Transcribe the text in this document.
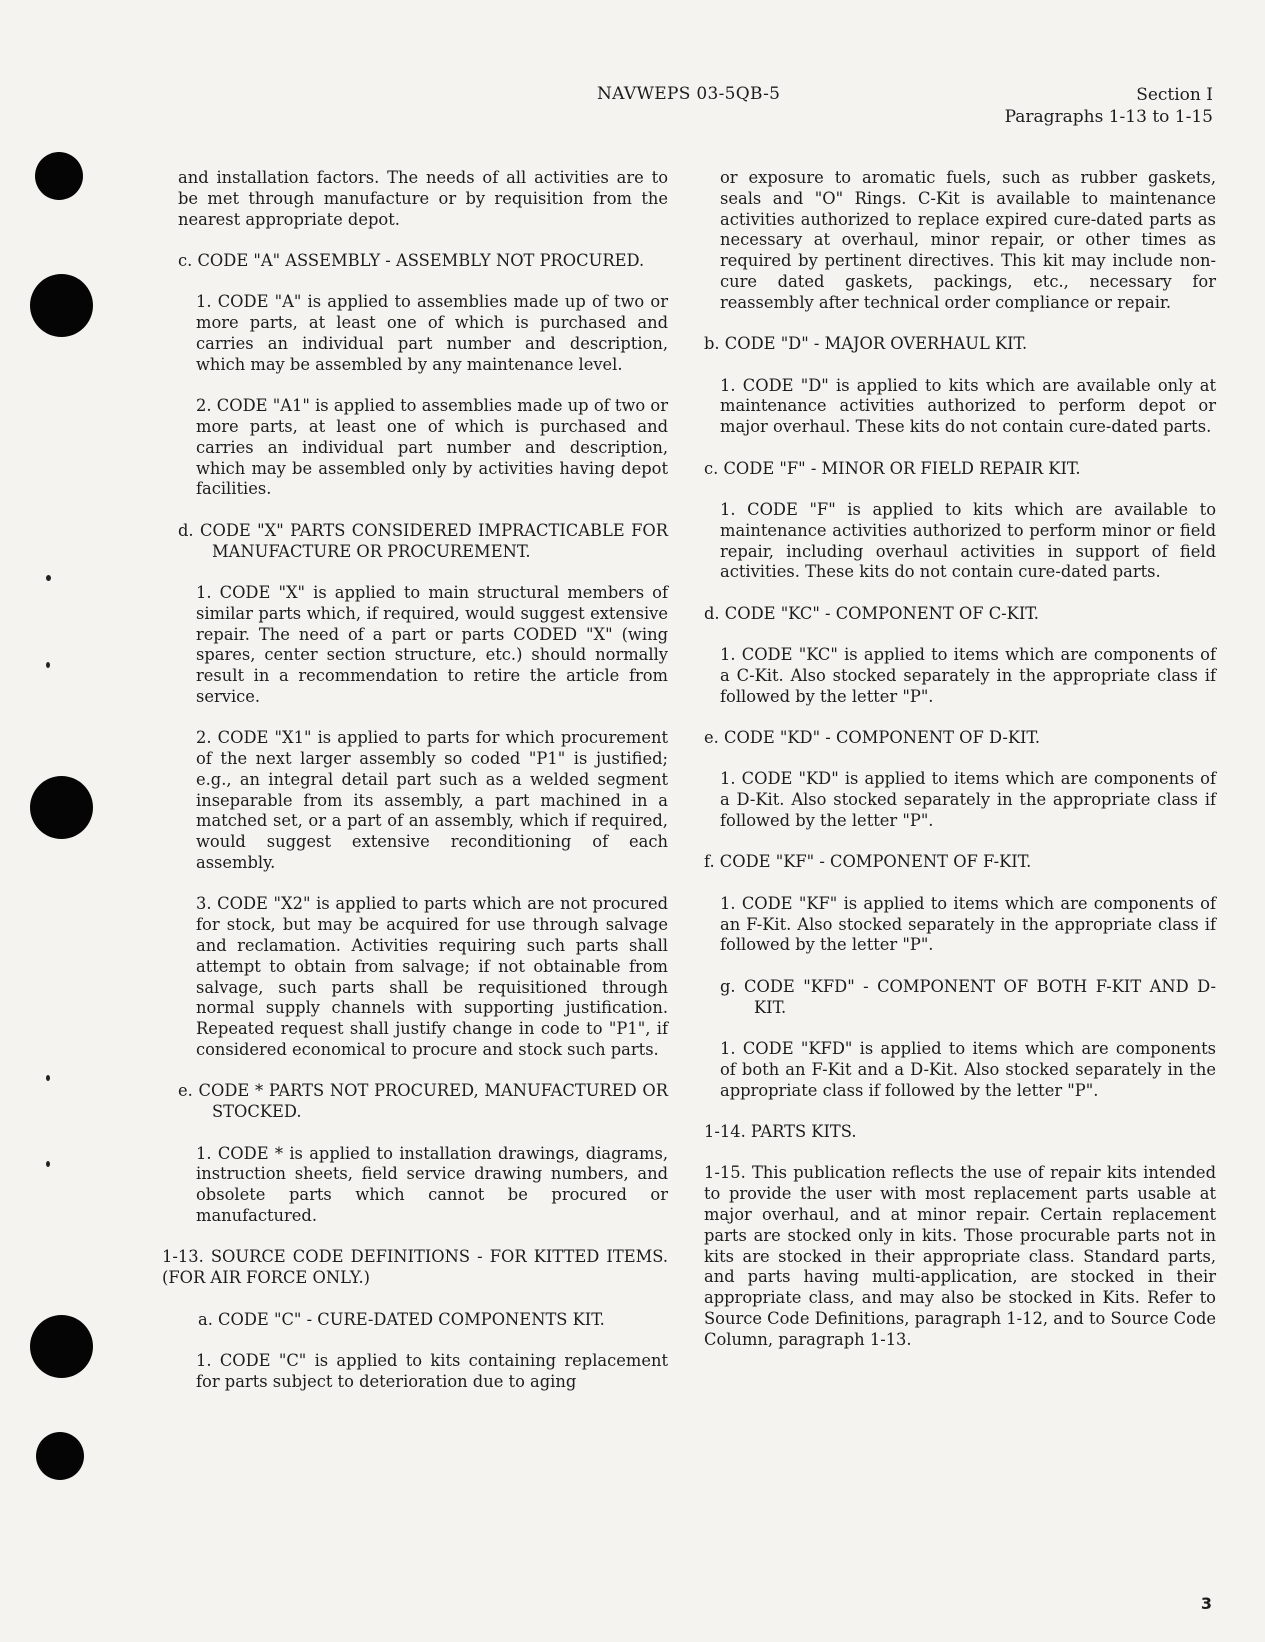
NAVWEPS 03-5QB-5	Section I
Paragraphs 1-13 to 1-15

and installation factors. The needs of all activities are to be met through manufacture or by requisition from the nearest appropriate depot.

c. CODE "A" ASSEMBLY - ASSEMBLY NOT PROCURED.

1. CODE "A" is applied to assemblies made up of two or more parts, at least one of which is purchased and carries an individual part number and description, which may be assembled by any maintenance level.

2. CODE "A1" is applied to assemblies made up of two or more parts, at least one of which is purchased and carries an individual part number and description, which may be assembled only by activities having depot facilities.

d. CODE "X" PARTS CONSIDERED IMPRACTICABLE FOR MANUFACTURE OR PROCUREMENT.

1. CODE "X" is applied to main structural members of similar parts which, if required, would suggest extensive repair. The need of a part or parts CODED "X" (wing spares, center section structure, etc.) should normally result in a recommendation to retire the article from service.

2. CODE "X1" is applied to parts for which procurement of the next larger assembly so coded "P1" is justified; e.g., an integral detail part such as a welded segment inseparable from its assembly, a part machined in a matched set, or a part of an assembly, which if required, would suggest extensive reconditioning of each assembly.

3. CODE "X2" is applied to parts which are not procured for stock, but may be acquired for use through salvage and reclamation. Activities requiring such parts shall attempt to obtain from salvage; if not obtainable from salvage, such parts shall be requisitioned through normal supply channels with supporting justification. Repeated request shall justify change in code to "P1", if considered economical to procure and stock such parts.

e. CODE * PARTS NOT PROCURED, MANUFACTURED OR STOCKED.

1. CODE * is applied to installation drawings, diagrams, instruction sheets, field service drawing numbers, and obsolete parts which cannot be procured or manufactured.

1-13. SOURCE CODE DEFINITIONS - FOR KITTED ITEMS. (FOR AIR FORCE ONLY.)

a. CODE "C" - CURE-DATED COMPONENTS KIT.

1. CODE "C" is applied to kits containing replacement for parts subject to deterioration due to aging

or exposure to aromatic fuels, such as rubber gaskets, seals and "O" Rings. C-Kit is available to maintenance activities authorized to replace expired cure-dated parts as necessary at overhaul, minor repair, or other times as required by pertinent directives. This kit may include non-cure dated gaskets, packings, etc., necessary for reassembly after technical order compliance or repair.

b. CODE "D" - MAJOR OVERHAUL KIT.

1. CODE "D" is applied to kits which are available only at maintenance activities authorized to perform depot or major overhaul. These kits do not contain cure-dated parts.

c. CODE "F" - MINOR OR FIELD REPAIR KIT.

1. CODE "F" is applied to kits which are available to maintenance activities authorized to perform minor or field repair, including overhaul activities in support of field activities. These kits do not contain cure-dated parts.

d. CODE "KC" - COMPONENT OF C-KIT.

1. CODE "KC" is applied to items which are components of a C-Kit. Also stocked separately in the appropriate class if followed by the letter "P".

e. CODE "KD" - COMPONENT OF D-KIT.

1. CODE "KD" is applied to items which are components of a D-Kit. Also stocked separately in the appropriate class if followed by the letter "P".

f. CODE "KF" - COMPONENT OF F-KIT.

1. CODE "KF" is applied to items which are components of an F-Kit. Also stocked separately in the appropriate class if followed by the letter "P".

g. CODE "KFD" - COMPONENT OF BOTH F-KIT AND D-KIT.

1. CODE "KFD" is applied to items which are components of both an F-Kit and a D-Kit. Also stocked separately in the appropriate class if followed by the letter "P".

1-14. PARTS KITS.

1-15. This publication reflects the use of repair kits intended to provide the user with most replacement parts usable at major overhaul, and at minor repair. Certain replacement parts are stocked only in kits. Those procurable parts not in kits are stocked in their appropriate class. Standard parts, and parts having multi-application, are stocked in their appropriate class, and may also be stocked in Kits. Refer to Source Code Definitions, paragraph 1-12, and to Source Code Column, paragraph 1-13.

3
